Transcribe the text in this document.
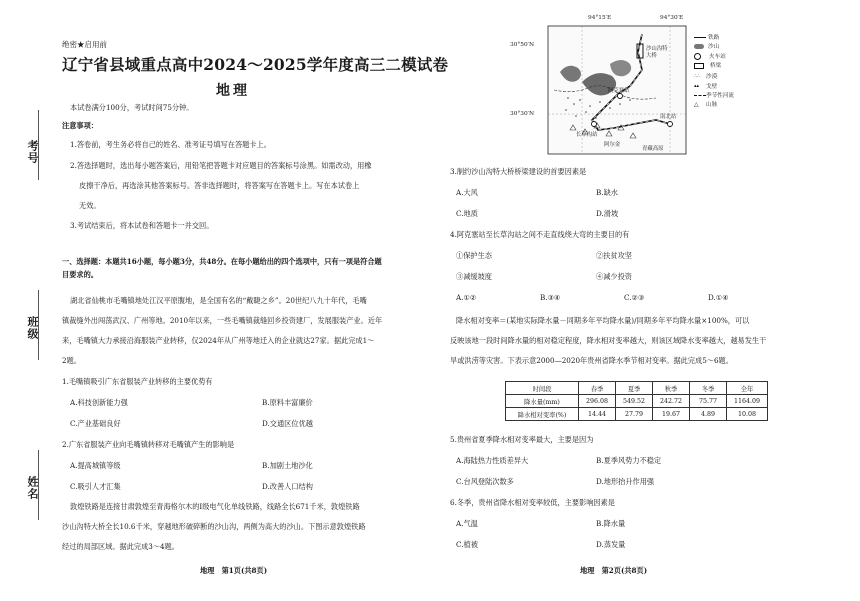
绝密★启用前
辽宁省县域重点高中2024～2025学年度高三二模试卷
地理
本试卷满分100分，考试时间75分钟。
注意事项：
1.答卷前，考生务必将自己的姓名、准考证号填写在答题卡上。
2.答选择题时，选出每小题答案后，用铅笔把答题卡对应题目的答案标号涂黑。如需改动，用橡
皮擦干净后，再选涂其他答案标号。答非选择题时，将答案写在答题卡上。写在本试卷上
无效。
3.考试结束后，将本试卷和答题卡一并交回。
一、选择题：本题共16小题，每小题3分，共48分。在每小题给出的四个选项中，只有一项是符合题
目要求的。
湖北省仙桃市毛嘴镇地处江汉平原腹地，是全国有名的“戴睫之乡”。20世纪八九十年代，毛嘴
镇裁缝外出闯荡武汉、广州等地。2010年以来，一些毛嘴镇裁缝回乡投资建厂，发展服装产业。近年
来，毛嘴镇大力承接沿海服装产业转移，仅2024年从广州等地迁入的企业就达27家。据此完成1～
2题。
1.毛嘴镇吸引广东省服装产业转移的主要优势有
A.科技创新能力强	B.原料丰富廉价
C.产业基础良好	D.交通区位优越
2.广东省服装产业向毛嘴镇转移对毛嘴镇产生的影响是
A.提高城镇等级	B.加剧土地沙化
C.吸引人才汇集	D.改善人口结构
敦煌铁路是连接甘肃敦煌至青海格尔木的Ⅰ级电气化单线铁路，线路全长671千米，敦煌铁路
沙山沟特大桥全长10.6千米，穿越地形破碎断的沙山沟，两侧为高大的沙山。下图示意敦煌铁路
经过的局部区域。据此完成3～4题。
地理　第1页(共8页)
考号
班级
姓名
94°15′E	94°30′E
30°50′N
30°30′N
沙山沟特大桥
阿克塞站
长草沟站
南北站
阿尔金
青藏高原
铁路
沙山
火车站
桥梁
∴∴ 沙漠
▴▴ 戈壁
季节性河流
△ 山脉
3.制约沙山沟特大桥桥梁建设的首要因素是
A.大风	B.缺水
C.地质	D.滑坡
4.阿克塞站至长草沟站之间不走直线绕大弯的主要目的有
①保护生态	②扶贫攻坚
③减缓坡度	④减少投资
A.①②	B.③④	C.②③	D.①④
降水相对变率＝(某地实际降水量－同期多年平均降水量)/同期多年平均降水量×100%，可以
反映该地一段时间降水量的相对稳定程度，降水相对变率越大，则该区域降水变率越大，越易发生干
旱或洪涝等灾害。下表示意2000—2020年贵州省降水季节相对变率。据此完成5～6题。
时间段	春季	夏季	秋季	冬季	全年
降水量(mm)	296.08	549.52	242.72	75.77	1164.09
降水相对变率(%)	14.44	27.79	19.67	4.89	10.08
5.贵州省夏季降水相对变率最大，主要是因为
A.海陆热力性质差异大	B.夏季风势力不稳定
C.台风登陆次数多	D.地形抬升作用强
6.冬季，贵州省降水相对变率较低，主要影响因素是
A.气温	B.降水量
C.植被	D.蒸发量
地理　第2页(共8页)
